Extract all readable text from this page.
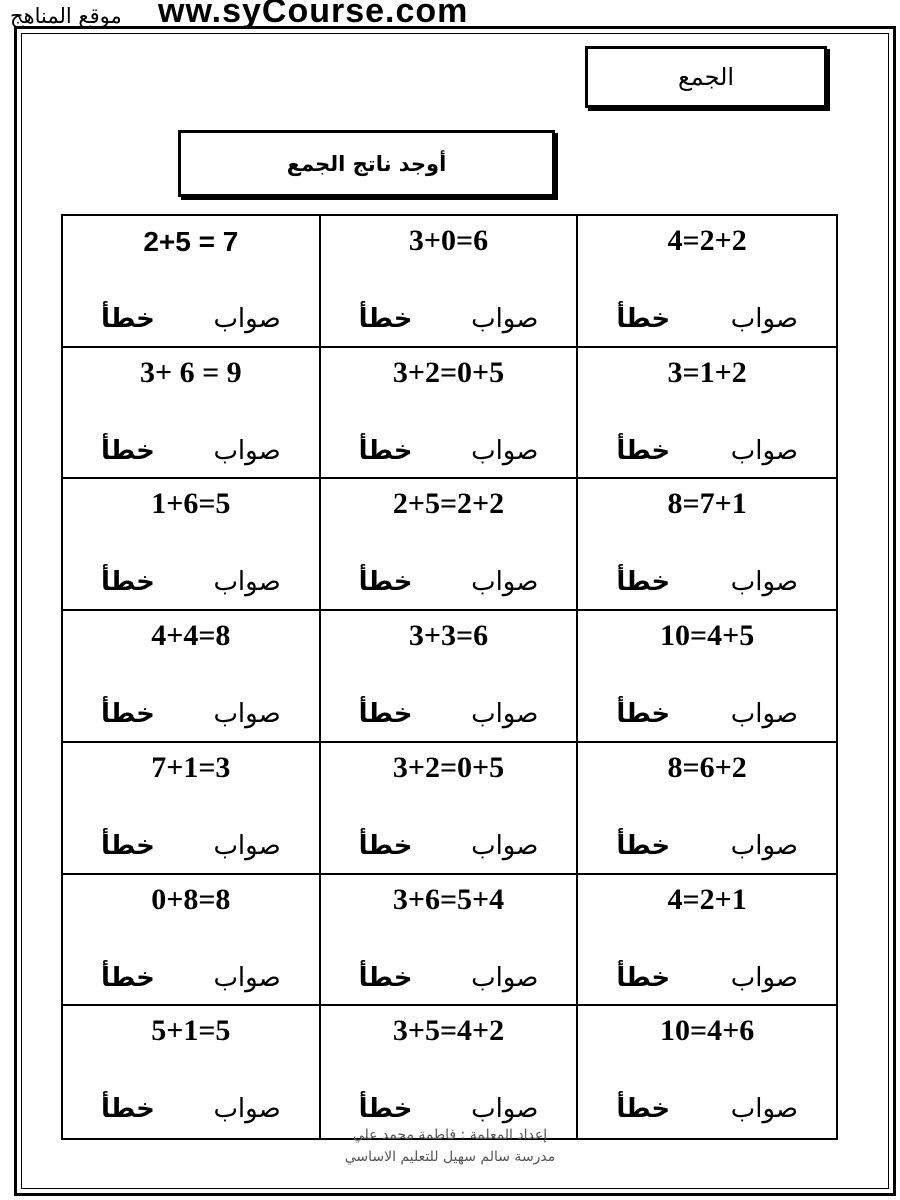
موقع المناهج ww.syCourse.com
الجمع
أوجد ناتج الجمع
2+5 = 7
صواب
خطأ
3+0=6
صواب
خطأ
4=2+2
صواب
خطأ
3+ 6 = 9
صواب
خطأ
3+2=0+5
صواب
خطأ
3=1+2
صواب
خطأ
1+6=5
صواب
خطأ
2+5=2+2
صواب
خطأ
8=7+1
صواب
خطأ
4+4=8
صواب
خطأ
3+3=6
صواب
خطأ
10=4+5
صواب
خطأ
7+1=3
صواب
خطأ
3+2=0+5
صواب
خطأ
8=6+2
صواب
خطأ
0+8=8
صواب
خطأ
3+6=5+4
صواب
خطأ
4=2+1
صواب
خطأ
5+1=5
صواب
خطأ
3+5=4+2
صواب
خطأ
10=4+6
صواب
خطأ
إعداد المعلمة : فاطمة محمد علي
مدرسة سالم سهيل للتعليم الاساسي
